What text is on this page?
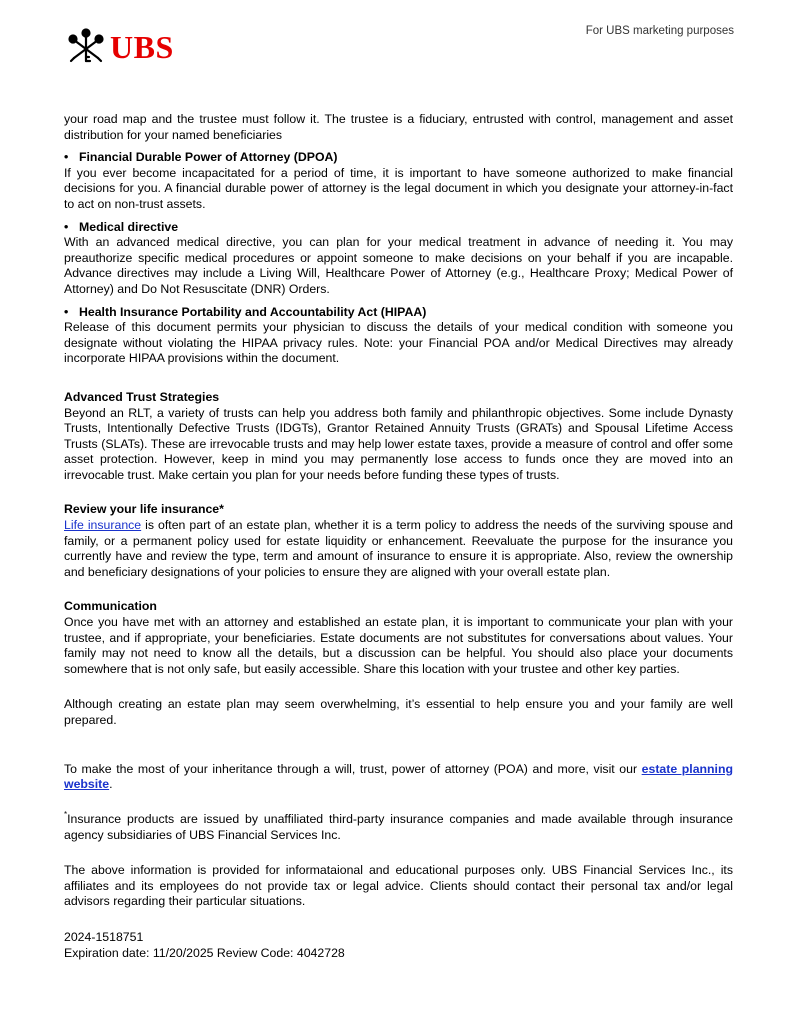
UBS	For UBS marketing purposes

your road map and the trustee must follow it. The trustee is a fiduciary, entrusted with control, management and asset distribution for your named beneficiaries

• Financial Durable Power of Attorney (DPOA)

If you ever become incapacitated for a period of time, it is important to have someone authorized to make financial decisions for you. A financial durable power of attorney is the legal document in which you designate your attorney-in-fact to act on non-trust assets.

• Medical directive

With an advanced medical directive, you can plan for your medical treatment in advance of needing it. You may preauthorize specific medical procedures or appoint someone to make decisions on your behalf if you are incapable. Advance directives may include a Living Will, Healthcare Power of Attorney (e.g., Healthcare Proxy; Medical Power of Attorney) and Do Not Resuscitate (DNR) Orders.

• Health Insurance Portability and Accountability Act (HIPAA)

Release of this document permits your physician to discuss the details of your medical condition with someone you designate without violating the HIPAA privacy rules. Note: your Financial POA and/or Medical Directives may already incorporate HIPAA provisions within the document.

Advanced Trust Strategies

Beyond an RLT, a variety of trusts can help you address both family and philanthropic objectives. Some include Dynasty Trusts, Intentionally Defective Trusts (IDGTs), Grantor Retained Annuity Trusts (GRATs) and Spousal Lifetime Access Trusts (SLATs). These are irrevocable trusts and may help lower estate taxes, provide a measure of control and offer some asset protection. However, keep in mind you may permanently lose access to funds once they are moved into an irrevocable trust. Make certain you plan for your needs before funding these types of trusts.

Review your life insurance*

Life insurance is often part of an estate plan, whether it is a term policy to address the needs of the surviving spouse and family, or a permanent policy used for estate liquidity or enhancement. Reevaluate the purpose for the insurance you currently have and review the type, term and amount of insurance to ensure it is appropriate. Also, review the ownership and beneficiary designations of your policies to ensure they are aligned with your overall estate plan.

Communication

Once you have met with an attorney and established an estate plan, it is important to communicate your plan with your trustee, and if appropriate, your beneficiaries. Estate documents are not substitutes for conversations about values. Your family may not need to know all the details, but a discussion can be helpful. You should also place your documents somewhere that is not only safe, but easily accessible. Share this location with your trustee and other key parties.

Although creating an estate plan may seem overwhelming, it’s essential to help ensure you and your family are well prepared.

To make the most of your inheritance through a will, trust, power of attorney (POA) and more, visit our estate planning website.

*Insurance products are issued by unaffiliated third-party insurance companies and made available through insurance agency subsidiaries of UBS Financial Services Inc.

The above information is provided for informataional and educational purposes only. UBS Financial Services Inc., its affiliates and its employees do not provide tax or legal advice. Clients should contact their personal tax and/or legal advisors regarding their particular situations.

2024-1518751
Expiration date: 11/20/2025 Review Code: 4042728
